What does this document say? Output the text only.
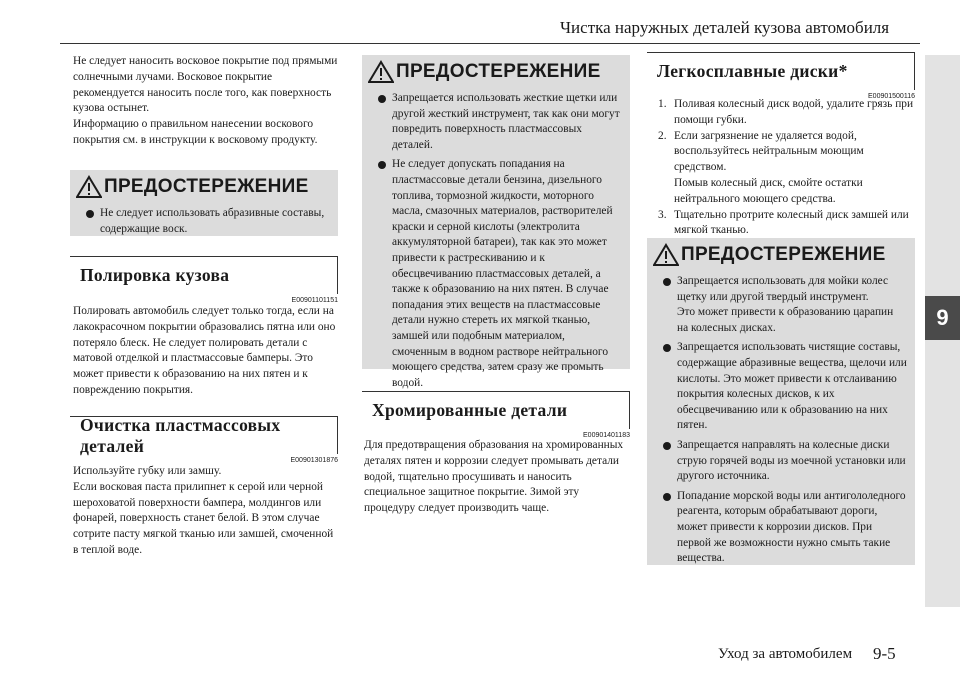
Чистка наружных деталей кузова автомобиля
9

Не следует наносить восковое покрытие под прямыми солнечными лучами. Восковое покрытие рекомендуется наносить после того, как поверхность кузова остынет.

Информацию о правильном нанесении воскового покрытия см. в инструкции к восковому продукту.

ПРЕДОСТЕРЕЖЕНИЕ
Не следует использовать абразивные составы, содержащие воск.
Полировка кузова
E00901101151

Полировать автомобиль следует только тогда, если на лакокрасочном покрытии образовались пятна или оно потеряло блеск. Не следует полировать детали с матовой отделкой и пластмассовые бамперы. Это может привести к образованию на них пятен и к повреждению покрытия.

Очистка пластмассовых деталей
E00901301876

Используйте губку или замшу.

Если восковая паста прилипнет к серой или черной шероховатой поверхности бампера, молдингов или фонарей, поверхность станет белой. В этом случае сотрите пасту мягкой тканью или замшей, смоченной в теплой воде.

ПРЕДОСТЕРЕЖЕНИЕ
Запрещается использовать жесткие щетки или другой жесткий инструмент, так как они могут повредить поверхность пластмассовых деталей.
Не следует допускать попадания на пластмассовые детали бензина, дизельного топлива, тормозной жидкости, моторного масла, смазочных материалов, растворителей краски и серной кислоты (электролита аккумуляторной батареи), так как это может привести к растрескиванию и к обесцвечиванию пластмассовых деталей, а также к образованию на них пятен. В случае попадания этих веществ на пластмассовые детали нужно стереть их мягкой тканью, замшей или подобным материалом, смоченным в водном растворе нейтрального моющего средства, затем сразу же промыть водой.
Хромированные детали
E00901401183

Для предотвращения образования на хромированных деталях пятен и коррозии следует промывать детали водой, тщательно просушивать и наносить специальное защитное покрытие. Зимой эту процедуру следует производить чаще.

Легкосплавные диски*
E00901500116
1. Поливая колесный диск водой, удалите грязь при помощи губки.
2. Если загрязнение не удаляется водой, воспользуйтесь нейтральным моющим средством.
Помыв колесный диск, смойте остатки нейтрального моющего средства.
3. Тщательно протрите колесный диск замшей или мягкой тканью.
ПРЕДОСТЕРЕЖЕНИЕ
Запрещается использовать для мойки колес щетку или другой твердый инструмент.
Это может привести к образованию царапин на колесных дисках.
Запрещается использовать чистящие составы, содержащие абразивные вещества, щелочи или кислоты. Это может привести к отслаиванию покрытия колесных дисков, к их обесцвечиванию или к образованию на них пятен.
Запрещается направлять на колесные диски струю горячей воды из моечной установки или другого источника.
Попадание морской воды или антигололедного реагента, которым обрабатывают дороги, может привести к коррозии дисков. При первой же возможности нужно смыть такие вещества.
Уход за автомобилем 9-5
